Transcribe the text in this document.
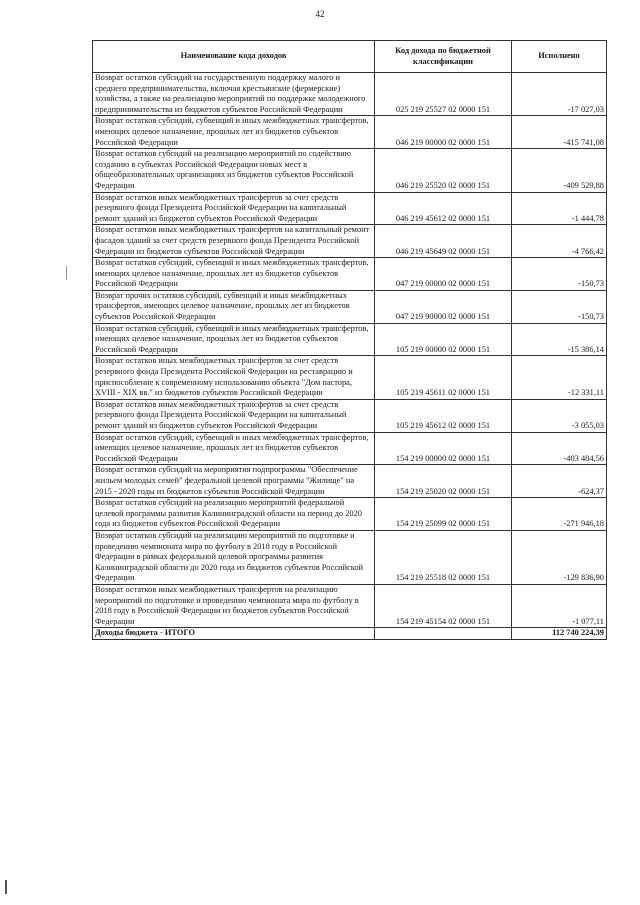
42
Наименование кода доходов	Код дохода по бюджетной классификации	Исполнено
Возврат остатков субсидий на государственную поддержку малого и среднего предпринимательства, включая крестьянские (фермерские) хозяйства, а также на реализацию мероприятий по поддержке молодежного предпринимательства из бюджетов субъектов Российской Федерации	025 219 25527 02 0000 151	-17 027,03
Возврат остатков субсидий, субвенций и иных межбюджетных трансфертов, имеющих целевое назначение, прошлых лет из бюджетов субъектов Российской Федерации	046 219 00000 02 0000 151	-415 741,08
Возврат остатков субсидий на реализацию мероприятий по содействию созданию в субъектах Российской Федерации новых мест в общеобразовательных организациях из бюджетов субъектов Российской Федерации	046 219 25520 02 0000 151	-409 529,88
Возврат остатков иных межбюджетных трансфертов за счет средств резервного фонда Президента Российской Федерации на капитальный ремонт зданий из бюджетов субъектов Российской Федерации	046 219 45612 02 0000 151	-1 444,78
Возврат остатков иных межбюджетных трансфертов на капитальный ремонт фасадов зданий за счет средств резервного фонда Президента Российской Федерации из бюджетов субъектов Российской Федерации	046 219 45649 02 0000 151	-4 766,42
Возврат остатков субсидий, субвенций и иных межбюджетных трансфертов, имеющих целевое назначение, прошлых лет из бюджетов субъектов Российской Федерации	047 219 00000 02 0000 151	-150,73
Возврат прочих остатков субсидий, субвенций и иных межбюджетных трансфертов, имеющих целевое назначение, прошлых лет из бюджетов субъектов Российской Федерации	047 219 90000 02 0000 151	-150,73
Возврат остатков субсидий, субвенций и иных межбюджетных трансфертов, имеющих целевое назначение, прошлых лет из бюджетов субъектов Российской Федерации	105 219 00000 02 0000 151	-15 386,14
Возврат остатков иных межбюджетных трансфертов за счет средств резервного фонда Президента Российской Федерации на реставрацию и приспособление к современному использованию объекта "Дом пастора, XVIII - XIX вв." из бюджетов субъектов Российской Федерации	105 219 45611 02 0000 151	-12 331,11
Возврат остатков иных межбюджетных трансфертов за счет средств резервного фонда Президента Российской Федерации на капитальный ремонт зданий из бюджетов субъектов Российской Федерации	105 219 45612 02 0000 151	-3 055,03
Возврат остатков субсидий, субвенций и иных межбюджетных трансфертов, имеющих целевое назначение, прошлых лет из бюджетов субъектов Российской Федерации	154 219 00000 02 0000 151	-403 484,56
Возврат остатков субсидий на мероприятия подпрограммы "Обеспечение жильем молодых семей" федеральной целевой программы "Жилище" на 2015 - 2020 годы из бюджетов субъектов Российской Федерации	154 219 25020 02 0000 151	-624,37
Возврат остатков субсидий на реализацию мероприятий федеральной целевой программы развития Калининградской области на период до 2020 года из бюджетов субъектов Российской Федерации	154 219 25099 02 0000 151	-271 946,18
Возврат остатков субсидий на реализацию мероприятий по подготовке и проведению чемпионата мира по футболу в 2018 году в Российской Федерации в рамках федеральной целевой программы развития Калининградской области до 2020 года из бюджетов субъектов Российской Федерации	154 219 25518 02 0000 151	-129 836,90
Возврат остатков иных межбюджетных трансфертов на реализацию мероприятий по подготовке и проведению чемпионата мира по футболу в 2018 году в Российской Федерации из бюджетов субъектов Российской Федерации	154 219 45154 02 0000 151	-1 077,11
Доходы бюджета - ИТОГО		112 740 224,39
